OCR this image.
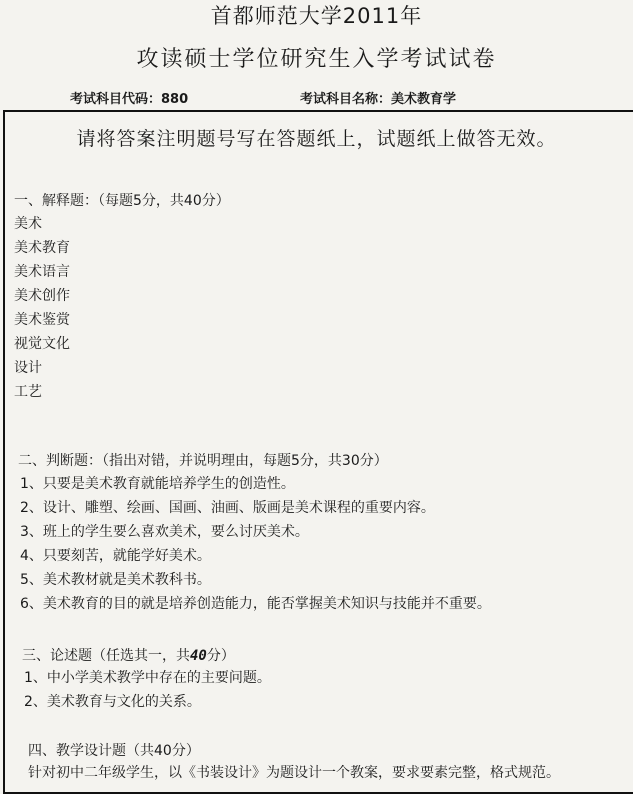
首都师范大学2011年
攻读硕士学位研究生入学考试试卷
考试科目代码：880	考试科目名称：美术教育学
请将答案注明题号写在答题纸上，试题纸上做答无效。
一、解释题：（每题5分，共40分）
美术
美术教育
美术语言
美术创作
美术鉴赏
视觉文化
设计
工艺
二、判断题：（指出对错，并说明理由，每题5分，共30分）
1、只要是美术教育就能培养学生的创造性。
2、设计、雕塑、绘画、国画、油画、版画是美术课程的重要内容。
3、班上的学生要么喜欢美术，要么讨厌美术。
4、只要刻苦，就能学好美术。
5、美术教材就是美术教科书。
6、美术教育的目的就是培养创造能力，能否掌握美术知识与技能并不重要。
三、论述题（任选其一，共40分）
1、中小学美术教学中存在的主要问题。
2、美术教育与文化的关系。
四、教学设计题（共40分）
针对初中二年级学生，以《书装设计》为题设计一个教案，要求要素完整，格式规范。
